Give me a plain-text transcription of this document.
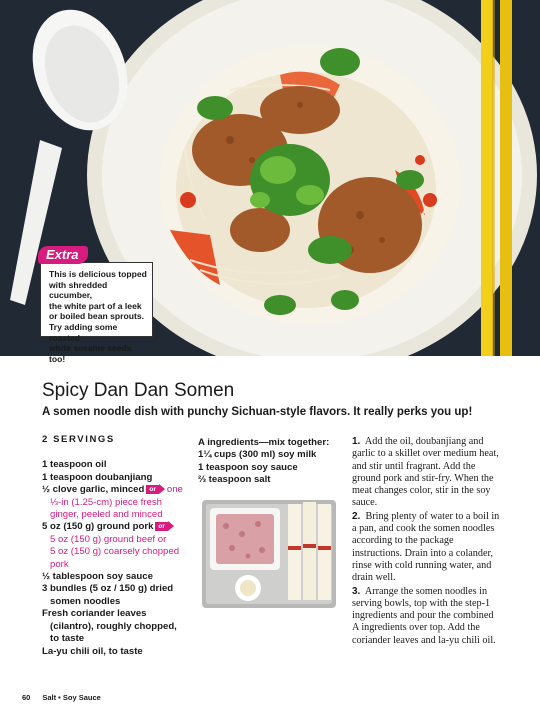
This is delicious topped
with shredded cucumber,
the white part of a leek
or boiled bean sprouts.
Try adding some roasted
white sesame seeds too!
Extra
Spicy Dan Dan Somen
A somen noodle dish with punchy Sichuan-style flavors. It really perks you up!
2 SERVINGS
1 teaspoon oil
1 teaspoon doubanjiang
½ clove garlic, minced or one
⅓-in (1.25-cm) piece fresh
ginger, peeled and minced
5 oz (150 g) ground pork or
5 oz (150 g) ground beef or
5 oz (150 g) coarsely chopped
pork
½ tablespoon soy sauce
3 bundles (5 oz / 150 g) dried
somen noodles
Fresh coriander leaves
(cilantro), roughly chopped,
to taste
La-yu chili oil, to taste
A ingredients—mix together:
1¼ cups (300 ml) soy milk
1 teaspoon soy sauce
⅔ teaspoon salt

1. Add the oil, doubanjiang and garlic to a skillet over medium heat, and stir until fragrant. Add the ground pork and stir-fry. When the meat changes color, stir in the soy sauce.

2. Bring plenty of water to a boil in a pan, and cook the somen noodles according to the package instructions. Drain into a colander, rinse with cold running water, and drain well.

3. Arrange the somen noodles in serving bowls, top with the step-1 ingredients and pour the combined A ingredients over top. Add the coriander leaves and la-yu chili oil.

60 Salt • Soy Sauce
